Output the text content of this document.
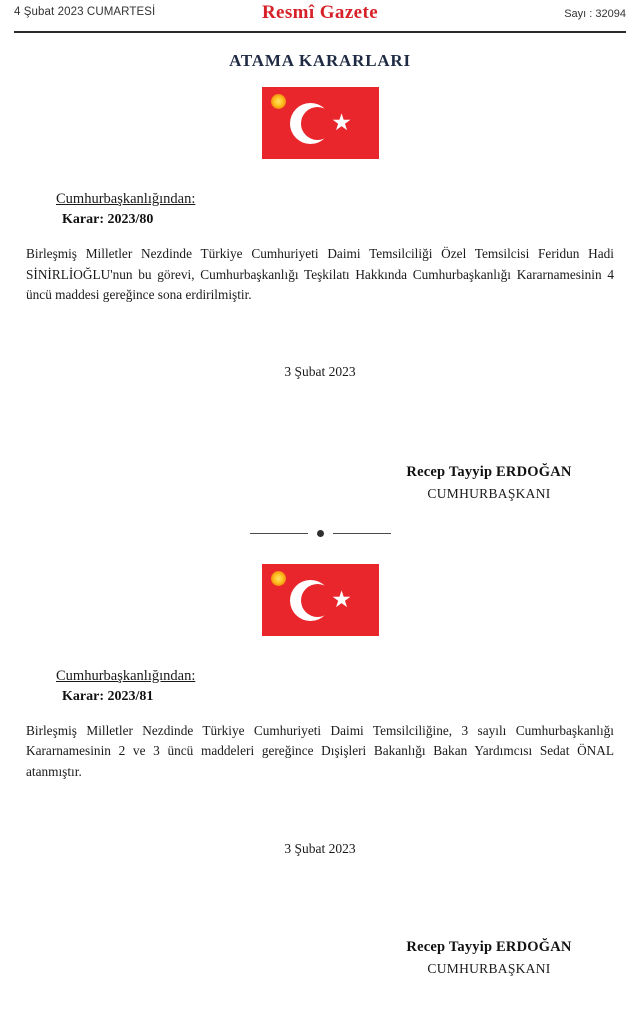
4 Şubat 2023 CUMARTESİ	Resmî Gazete	Sayı : 32094
ATAMA KARARLARI
★
Cumhurbaşkanlığından:
Karar: 2023/80
Birleşmiş Milletler Nezdinde Türkiye Cumhuriyeti Daimi Temsilciliği Özel Temsilcisi Feridun Hadi SİNİRLİOĞLU'nun bu görevi, Cumhurbaşkanlığı Teşkilatı Hakkında Cumhurbaşkanlığı Kararnamesinin 4 üncü maddesi gereğince sona erdirilmiştir.
3 Şubat 2023
Recep Tayyip ERDOĞAN
CUMHURBAŞKANI
★
Cumhurbaşkanlığından:
Karar: 2023/81
Birleşmiş Milletler Nezdinde Türkiye Cumhuriyeti Daimi Temsilciliğine, 3 sayılı Cumhurbaşkanlığı Kararnamesinin 2 ve 3 üncü maddeleri gereğince Dışişleri Bakanlığı Bakan Yardımcısı Sedat ÖNAL atanmıştır.
3 Şubat 2023
Recep Tayyip ERDOĞAN
CUMHURBAŞKANI
